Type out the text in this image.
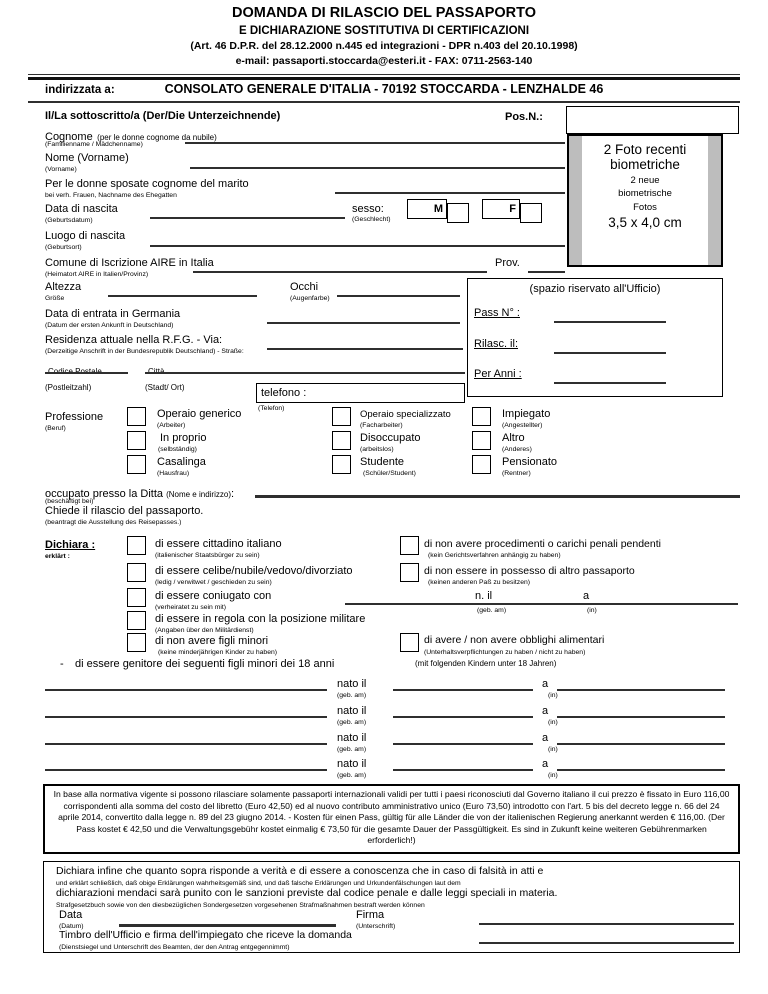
DOMANDA DI RILASCIO DEL PASSAPORTO
E DICHIARAZIONE SOSTITUTIVA DI CERTIFICAZIONI
(Art. 46 D.P.R. del 28.12.2000 n.445 ed integrazioni - DPR n.403 del 20.10.1998)
e-mail: passaporti.stoccarda@esteri.it - FAX: 0711-2563-140
indirizzata a:	CONSOLATO GENERALE D'ITALIA - 70192 STOCCARDA - LENZHALDE 46
Il/La sottoscritto/a (Der/Die Unterzeichnende)	Pos.N.:
Cognome (per le donne cognome da nubile)
(Familienname / Mädchenname)	2 Foto recenti
biometriche
2 neue
biometrische
Fotos
3,5 x 4,0 cm
Nome (Vorname)
(Vorname)
Per le donne sposate cognome del marito
bei verh. Frauen, Nachname des Ehegatten
Data di nascita
(Geburtsdatum)
sesso:
(Geschlecht)
M	F
Luogo di nascita
(Geburtsort)
Comune di Iscrizione AIRE in Italia
(Heimatort AIRE in Italien/Provinz)
Prov.
(spazio riservato all'Ufficio)
Pass N° :
Rilasc. il:
Per Anni :
Altezza
Größe
Occhi
(Augenfarbe)
Data di entrata in Germania
(Datum der ersten Ankunft in Deutschland)
Residenza attuale nella R.F.G. - Via:
(Derzeitige Anschrift in der Bundesrepublik Deutschland) - Straße:
(Postleitzahl)	(Stadt/ Ort)	telefono :
(Telefon)
Professione
(Beruf)
Operaio generico
(Arbeiter)
Operaio specializzato
(Facharbeiter)
Impiegato
(Angestellter)
In proprio
(selbständig)
Disoccupato
(arbeitslos)
Altro
(Anderes)
Casalinga
(Hausfrau)
Studente
(Schüler/Student)
Pensionato
(Rentner)
occupato presso la Ditta (Nome e indirizzo):
(beschäftigt bei)
Chiede il rilascio del passaporto.
(beantragt die Ausstellung des Reisepasses.)
Dichiara :
erklärt :
di essere cittadino italiano
(italienischer Staatsbürger zu sein)
di non avere procedimenti o carichi penali pendenti
(kein Gerichtsverfahren anhängig zu haben)
di essere celibe/nubile/vedovo/divorziato
(ledig / verwitwet / geschieden zu sein)
di non essere in possesso di altro passaporto
(keinen anderen Paß zu besitzen)
di essere coniugato con
(verheiratet zu sein mit)
n. il	a
(geb. am)	(in)
di essere in regola con la posizione militare
(Angaben über den Militärdienst)
di non avere figli minori
(keine minderjährigen Kinder zu haben)
di avere / non avere obblighi alimentari
(Unterhaltsverpflichtungen zu haben / nicht zu haben)
- di essere genitore dei seguenti figli minori dei 18 anni	(mit folgenden Kindern unter 18 Jahren)
nato il
(geb. am)
a
(in)
nato il
(geb. am)
a
(in)
nato il
(geb. am)
a
(in)
nato il
(geb. am)
a
(in)
In base alla normativa vigente si possono rilasciare solamente passaporti internazionali validi per tutti i paesi riconosciuti dal Governo italiano il cui prezzo è fissato in Euro 116,00 corrispondenti alla somma del costo del libretto (Euro 42,50) ed al nuovo contributo amministrativo unico (Euro 73,50) introdotto con l'art. 5 bis del decreto legge n. 66 del 24 aprile 2014, convertito dalla legge n. 89 del 23 giugno 2014. - Kosten für einen Pass, gültig für alle Länder die von der italienischen Regierung anerkannt werden € 116,00. (Der Pass kostet € 42,50 und die Verwaltungsgebühr kostet einmalig € 73,50 für die gesamte Dauer der Passgültigkeit. Es sind in Zukunft keine weiteren Gebührenmarken erforderlich!)
Dichiara infine che quanto sopra risponde a verità e di essere a conoscenza che in caso di falsità in atti e
und erklärt schließlich, daß obige Erklärungen wahrheitsgemäß sind, und daß falsche Erklärungen und Urkundenfälschungen laut dem
dichiarazioni mendaci sarà punito con le sanzioni previste dal codice penale e dalle leggi speciali in materia.
Strafgesetzbuch sowie von den diesbezüglichen Sondergesetzen vorgesehenen Strafmaßnahmen bestraft werden können
Data
(Datum)
Firma
(Unterschrift)
Timbro dell'Ufficio e firma dell'impiegato che riceve la domanda
(Dienstsiegel und Unterschrift des Beamten, der den Antrag entgegennimmt)
